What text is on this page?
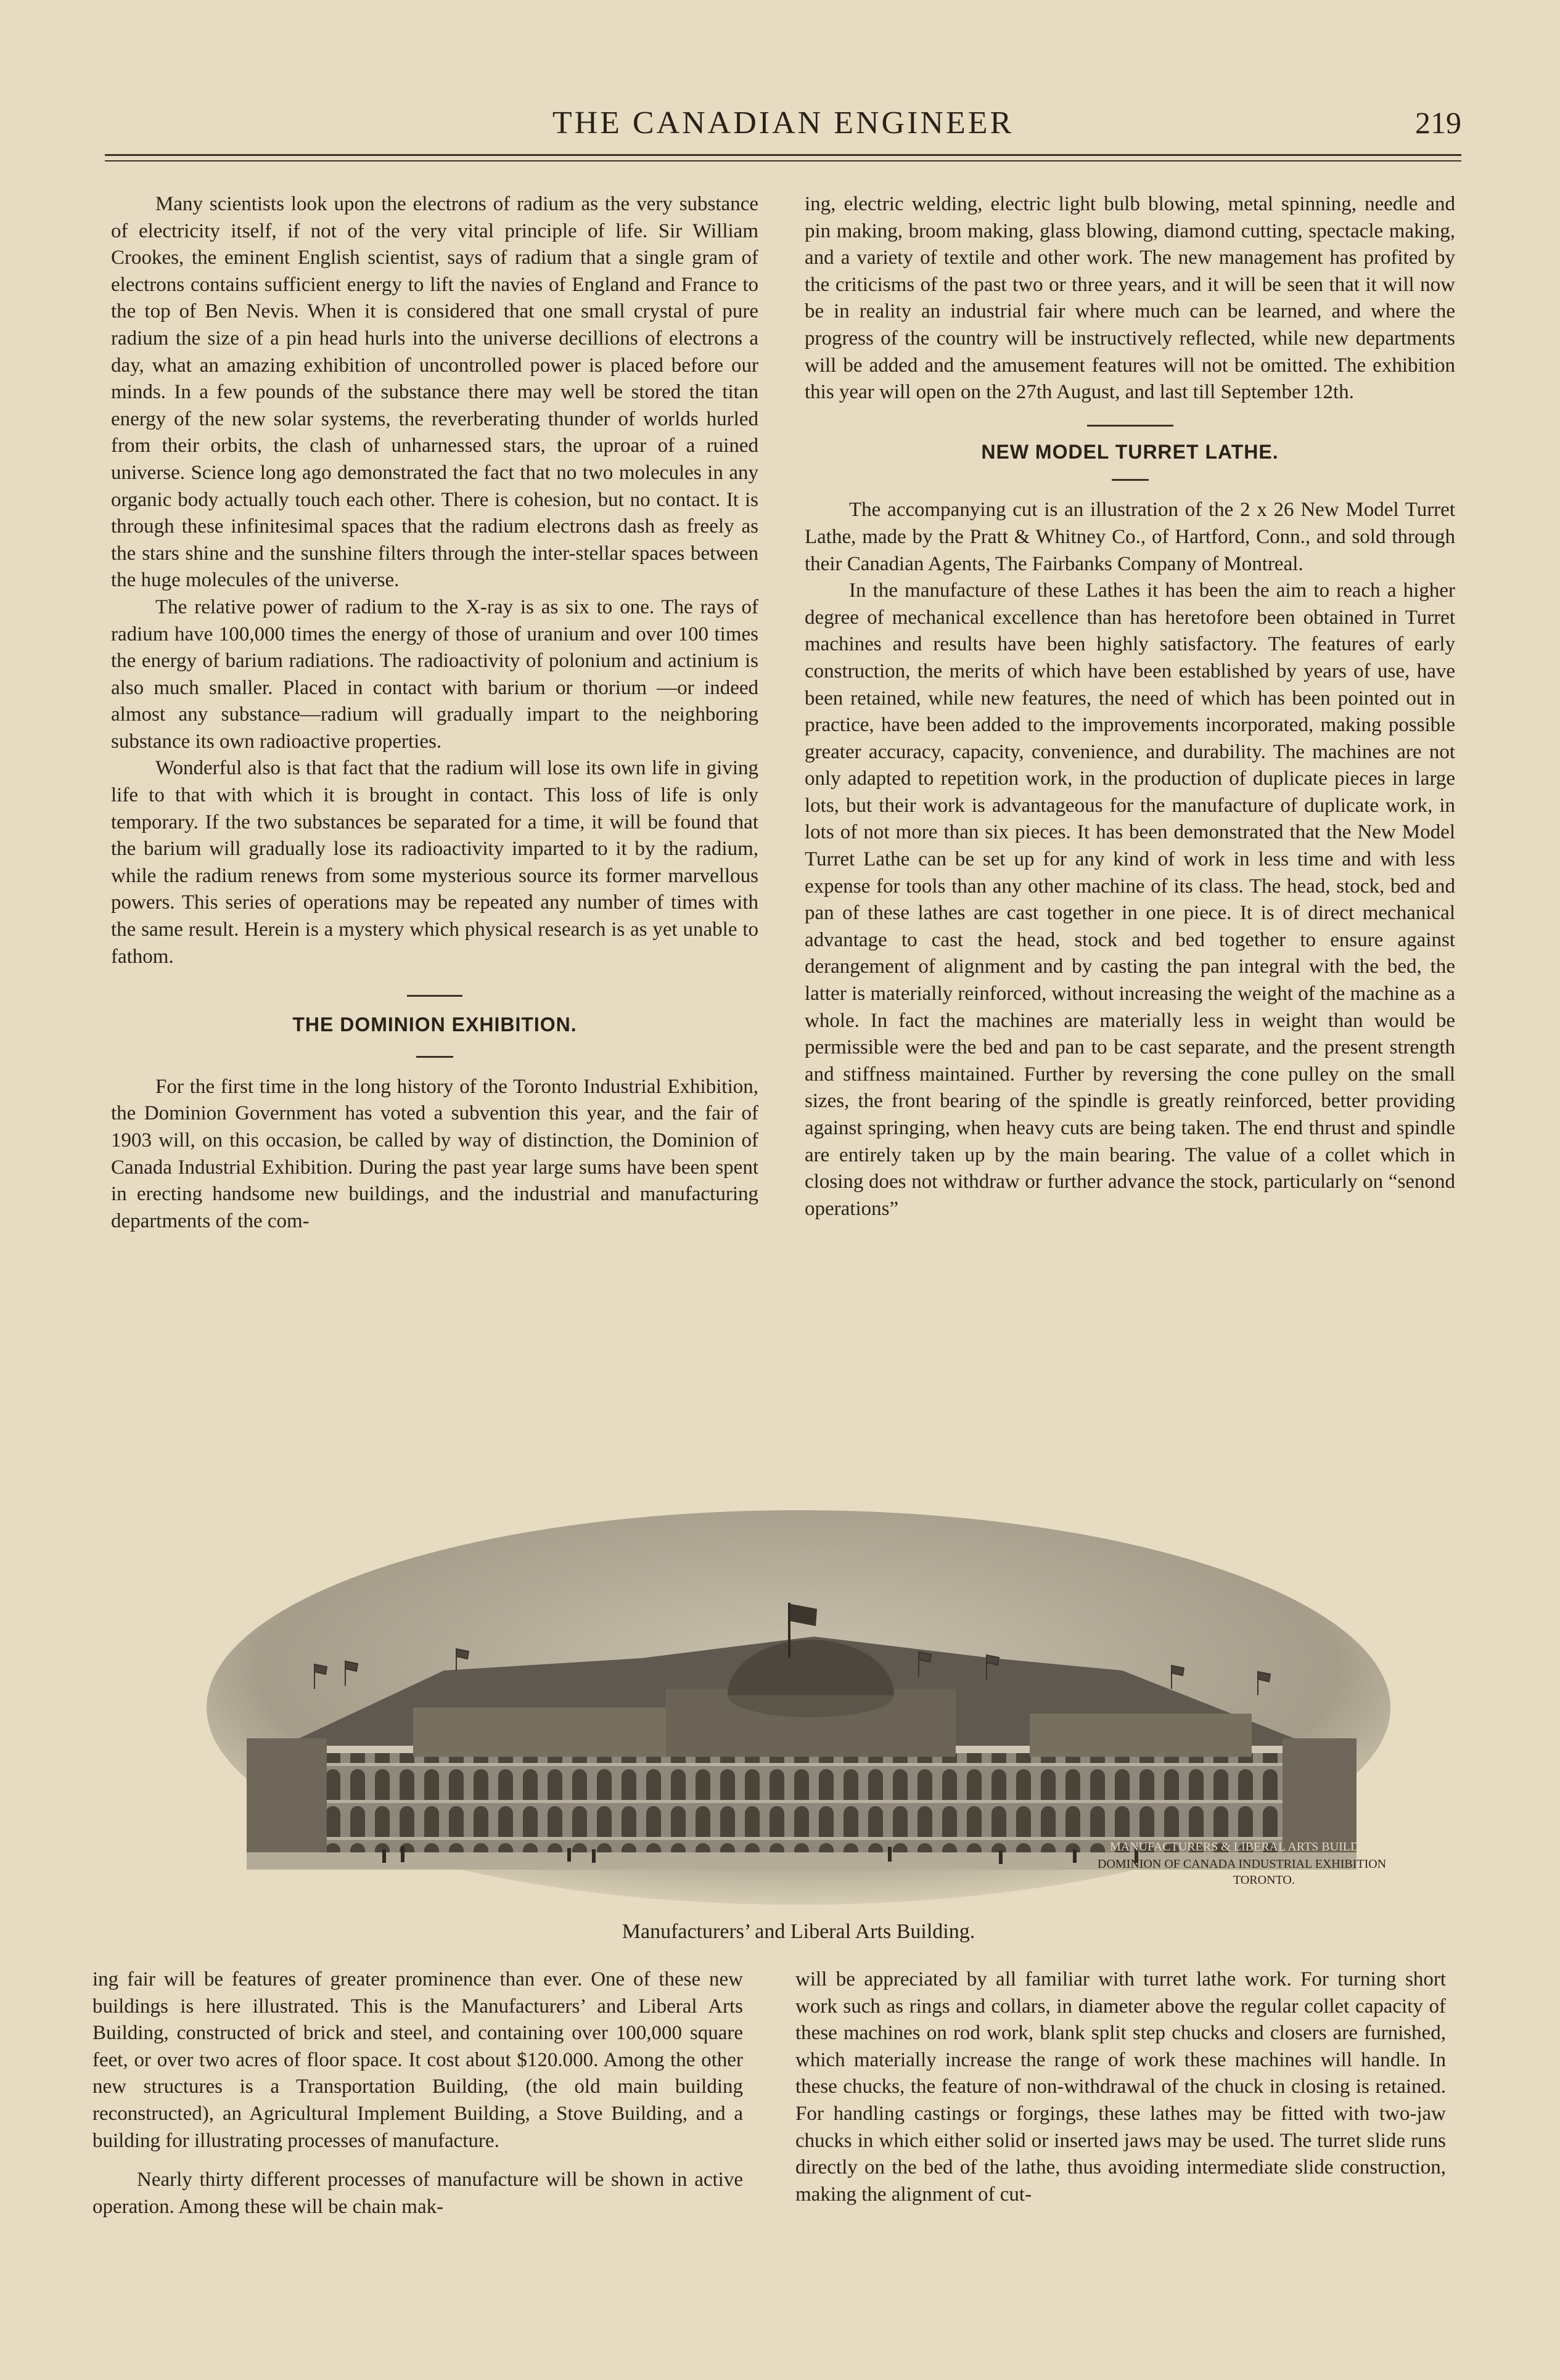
THE CANADIAN ENGINEER	219

Many scientists look upon the electrons of radium as the very substance of electricity itself, if not of the very vital principle of life. Sir William Crookes, the eminent English scientist, says of radium that a single gram of electrons contains sufficient energy to lift the navies of England and France to the top of Ben Nevis. When it is considered that one small crystal of pure radium the size of a pin head hurls into the universe decillions of electrons a day, what an amazing exhibition of uncontrolled power is placed before our minds. In a few pounds of the substance there may well be stored the titan energy of the new solar systems, the reverberating thunder of worlds hurled from their orbits, the clash of unharnessed stars, the uproar of a ruined universe. Science long ago demonstrated the fact that no two molecules in any organic body actually touch each other. There is cohesion, but no contact. It is through these infinitesimal spaces that the radium electrons dash as freely as the stars shine and the sunshine filters through the inter-stellar spaces between the huge molecules of the universe.

The relative power of radium to the X-ray is as six to one. The rays of radium have 100,000 times the energy of those of uranium and over 100 times the energy of barium radiations. The radioactivity of polonium and actinium is also much smaller. Placed in contact with barium or thorium —or indeed almost any substance—radium will gradually impart to the neighboring substance its own radioactive properties.

Wonderful also is that fact that the radium will lose its own life in giving life to that with which it is brought in contact. This loss of life is only temporary. If the two substances be separated for a time, it will be found that the barium will gradually lose its radioactivity imparted to it by the radium, while the radium renews from some mysterious source its former marvellous powers. This series of operations may be repeated any number of times with the same result. Herein is a mystery which physical research is as yet unable to fathom.

THE DOMINION EXHIBITION.

For the first time in the long history of the Toronto Industrial Exhibition, the Dominion Government has voted a subvention this year, and the fair of 1903 will, on this occasion, be called by way of distinction, the Dominion of Canada Industrial Exhibition. During the past year large sums have been spent in erecting handsome new buildings, and the industrial and manufacturing departments of the com-

ing, electric welding, electric light bulb blowing, metal spinning, needle and pin making, broom making, glass blowing, diamond cutting, spectacle making, and a variety of textile and other work. The new management has profited by the criticisms of the past two or three years, and it will be seen that it will now be in reality an industrial fair where much can be learned, and where the progress of the country will be instructively reflected, while new departments will be added and the amusement features will not be omitted. The exhibition this year will open on the 27th August, and last till September 12th.

NEW MODEL TURRET LATHE.

The accompanying cut is an illustration of the 2 x 26 New Model Turret Lathe, made by the Pratt & Whitney Co., of Hartford, Conn., and sold through their Canadian Agents, The Fairbanks Company of Montreal.

In the manufacture of these Lathes it has been the aim to reach a higher degree of mechanical excellence than has heretofore been obtained in Turret machines and results have been highly satisfactory. The features of early construction, the merits of which have been established by years of use, have been retained, while new features, the need of which has been pointed out in practice, have been added to the improvements incorporated, making possible greater accuracy, capacity, convenience, and durability. The machines are not only adapted to repetition work, in the production of duplicate pieces in large lots, but their work is advantageous for the manufacture of duplicate work, in lots of not more than six pieces. It has been demonstrated that the New Model Turret Lathe can be set up for any kind of work in less time and with less expense for tools than any other machine of its class. The head, stock, bed and pan of these lathes are cast together in one piece. It is of direct mechanical advantage to cast the head, stock and bed together to ensure against derangement of alignment and by casting the pan integral with the bed, the latter is materially reinforced, without increasing the weight of the machine as a whole. In fact the machines are materially less in weight than would be permissible were the bed and pan to be cast separate, and the present strength and stiffness maintained. Further by reversing the cone pulley on the small sizes, the front bearing of the spindle is greatly reinforced, better providing against springing, when heavy cuts are being taken. The end thrust and spindle are entirely taken up by the main bearing. The value of a collet which in closing does not withdraw or further advance the stock, particularly on “senond operations”

MANUFACTURERS & LIBERAL ARTS BUILDING
DOMINION OF CANADA INDUSTRIAL EXHIBITION
TORONTO.
Manufacturers’ and Liberal Arts Building.

ing fair will be features of greater prominence than ever. One of these new buildings is here illustrated. This is the Manufacturers’ and Liberal Arts Building, constructed of brick and steel, and containing over 100,000 square feet, or over two acres of floor space. It cost about $120.000. Among the other new structures is a Transportation Building, (the old main building reconstructed), an Agricultural Implement Building, a Stove Building, and a building for illustrating processes of manufacture.

Nearly thirty different processes of manufacture will be shown in active operation. Among these will be chain mak-

will be appreciated by all familiar with turret lathe work. For turning short work such as rings and collars, in diameter above the regular collet capacity of these machines on rod work, blank split step chucks and closers are furnished, which materially increase the range of work these machines will handle. In these chucks, the feature of non-withdrawal of the chuck in closing is retained. For handling castings or forgings, these lathes may be fitted with two-jaw chucks in which either solid or inserted jaws may be used. The turret slide runs directly on the bed of the lathe, thus avoiding intermediate slide construction, making the alignment of cut-
